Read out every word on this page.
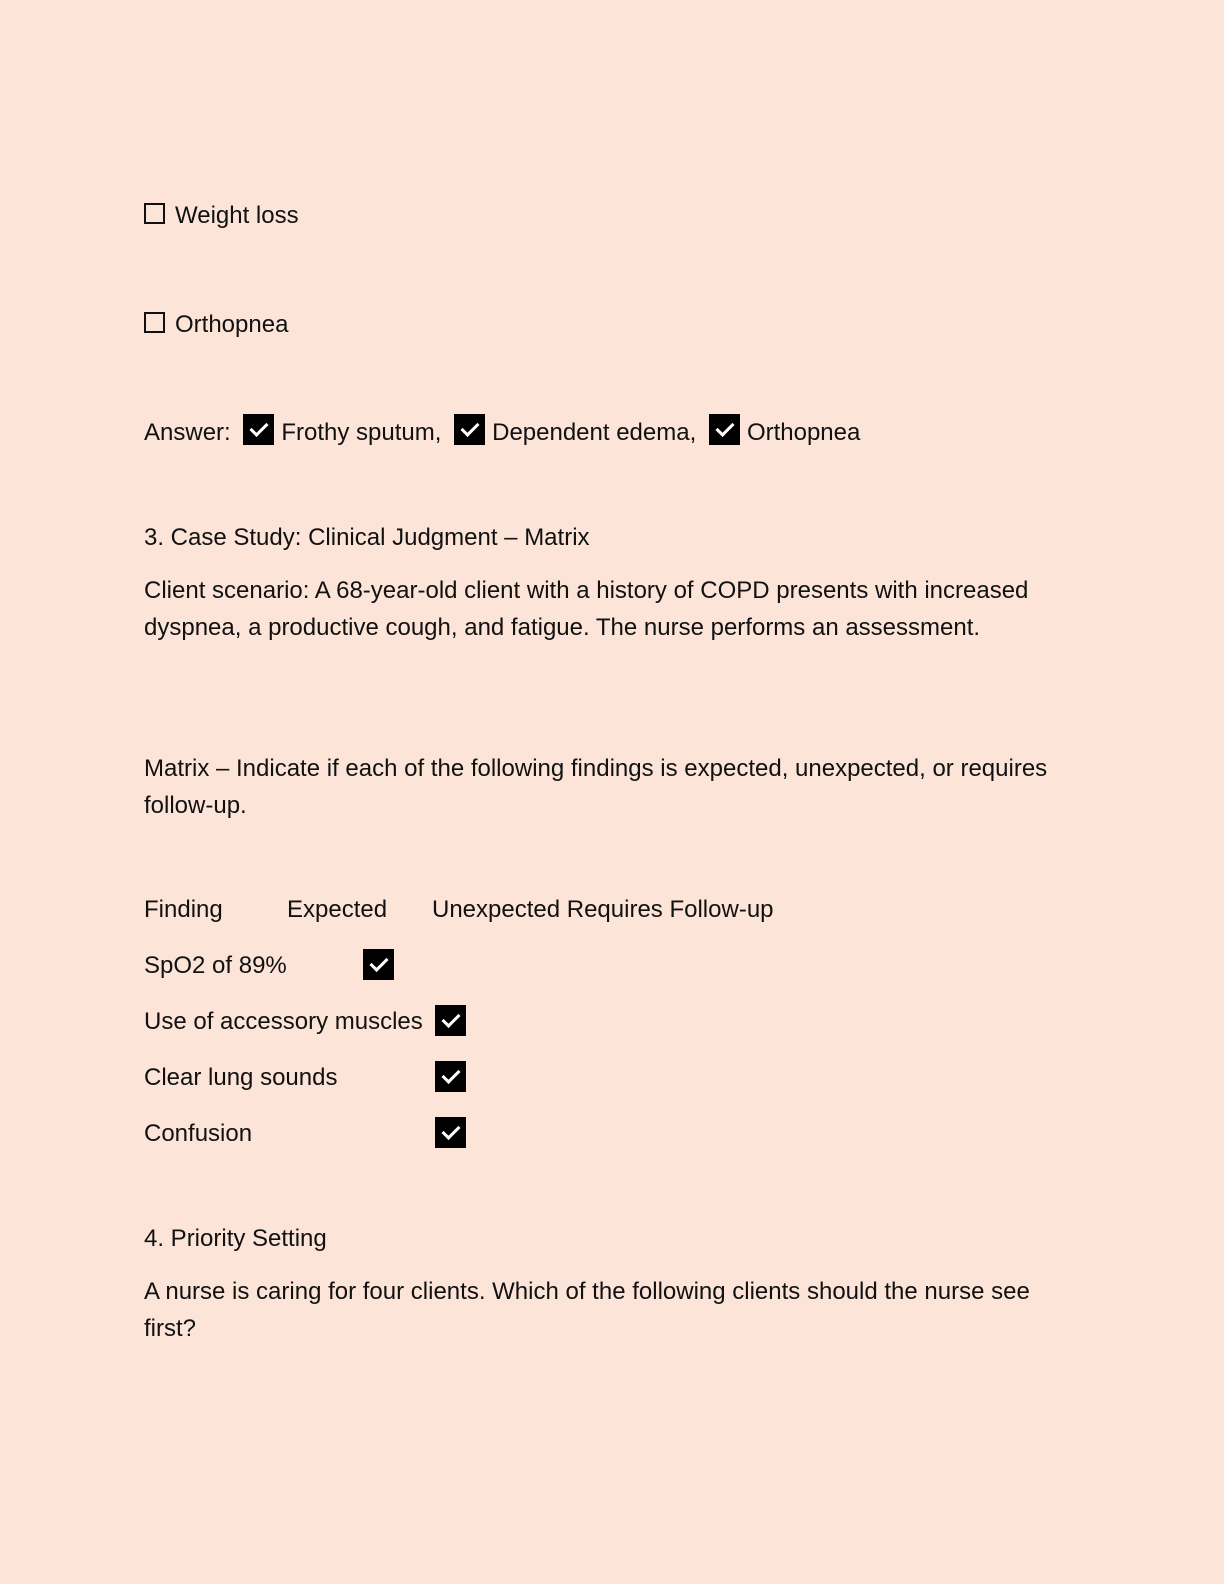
Weight loss
Orthopnea
Answer: Frothy sputum, Dependent edema, Orthopnea
3. Case Study: Clinical Judgment – Matrix
Client scenario: A 68-year-old client with a history of COPD presents with increased dyspnea, a productive cough, and fatigue. The nurse performs an assessment.
Matrix – Indicate if each of the following findings is expected, unexpected, or requires follow-up.
Finding	Expected Unexpected Requires Follow-up
SpO2 of 89%
Use of accessory muscles
Clear lung sounds
Confusion
4. Priority Setting
A nurse is caring for four clients. Which of the following clients should the nurse see first?
